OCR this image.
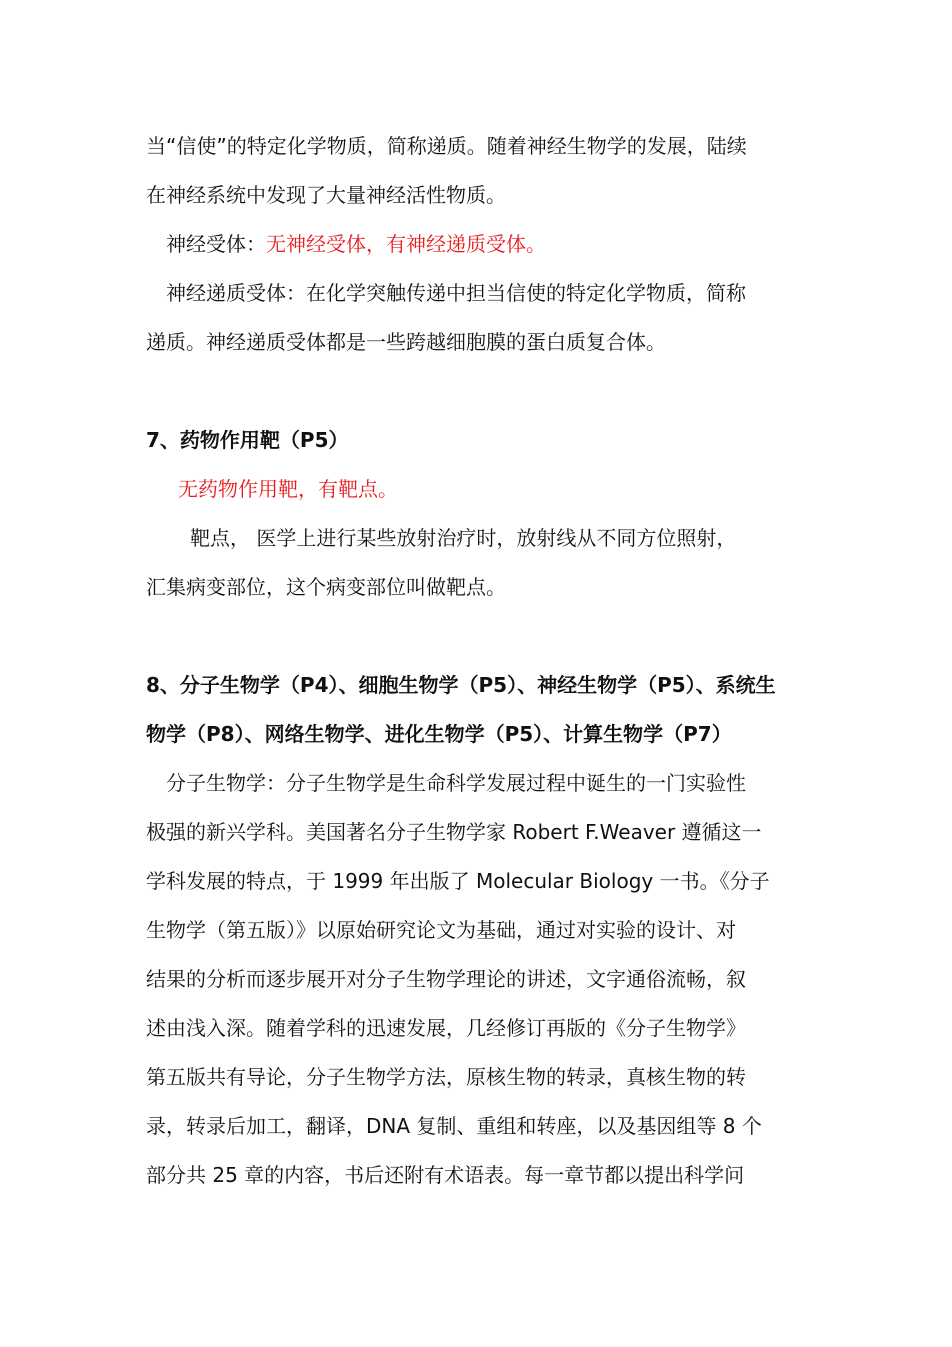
当“信使”的特定化学物质，简称递质。随着神经生物学的发展，陆续
在神经系统中发现了大量神经活性物质。
神经受体：无神经受体，有神经递质受体。
神经递质受体：在化学突触传递中担当信使的特定化学物质，简称
递质。神经递质受体都是一些跨越细胞膜的蛋白质复合体。
7、药物作用靶（P5）
无药物作用靶，有靶点。
靶点， 医学上进行某些放射治疗时，放射线从不同方位照射，
汇集病变部位，这个病变部位叫做靶点。
8、分子生物学（P4）、细胞生物学（P5）、神经生物学（P5）、系统生
物学（P8）、网络生物学、进化生物学（P5）、计算生物学（P7）
分子生物学：分子生物学是生命科学发展过程中诞生的一门实验性
极强的新兴学科。美国著名分子生物学家 Robert F.Weaver 遵循这一
学科发展的特点，于 1999 年出版了 Molecular Biology 一书。《分子
生物学（第五版）》以原始研究论文为基础，通过对实验的设计、对
结果的分析而逐步展开对分子生物学理论的讲述，文字通俗流畅，叙
述由浅入深。随着学科的迅速发展，几经修订再版的《分子生物学》
第五版共有导论，分子生物学方法，原核生物的转录，真核生物的转
录，转录后加工，翻译，DNA 复制、重组和转座，以及基因组等 8 个
部分共 25 章的内容，书后还附有术语表。每一章节都以提出科学问
